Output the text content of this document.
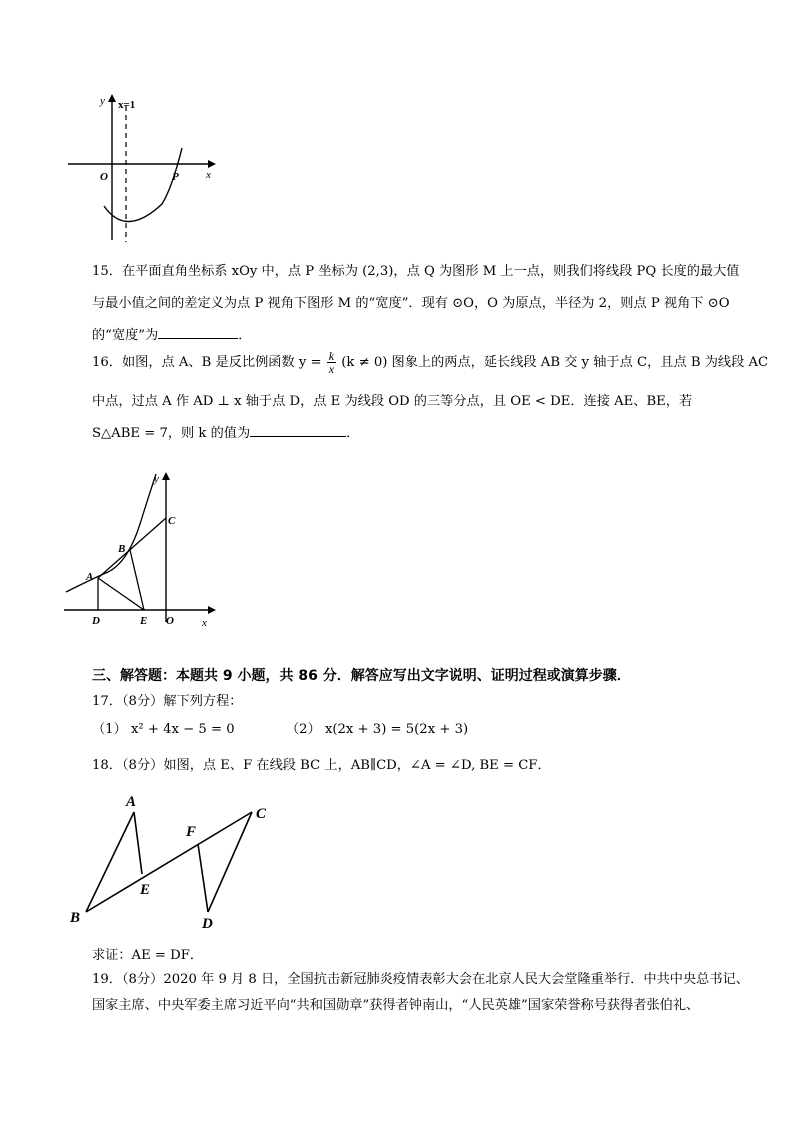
y x=1
O	P x
15．在平面直角坐标系 xOy 中，点 P 坐标为 (2,3)，点 Q 为图形 M 上一点，则我们将线段 PQ 长度的最大值
与最小值之间的差定义为点 P 视角下图形 M 的“宽度”．现有 ⊙O，O 为原点，半径为 2，则点 P 视角下 ⊙O
的“宽度”为	．
16．如图，点 A、B 是反比例函数 $y = \frac{k}{x} (k \ne 0)$ 图象上的两点，延长线段 AB 交 y 轴于点 C，且点 B 为线段 AC
中点，过点 A 作 AD ⊥ x 轴于点 D，点 E 为线段 OD 的三等分点，且 OE < DE．连接 AE、BE，若
S△ABE = 7，则 k 的值为	．
y
C
B
A
D	E O	x
三、解答题：本题共 9 小题，共 86 分．解答应写出文字说明、证明过程或演算步骤．
17．（8分）解下列方程：
（1） x² + 4x − 5 = 0	（2） x(2x + 3) = 5(2x + 3)
18．（8分）如图，点 E、F 在线段 BC 上，AB∥CD，∠A = ∠D, BE = CF．
A
F
C
E
B	D
求证：AE = DF．
19．（8分）2020 年 9 月 8 日，全国抗击新冠肺炎疫情表彰大会在北京人民大会堂隆重举行．中共中央总书记、
国家主席、中央军委主席习近平向“共和国勋章”获得者钟南山，“人民英雄”国家荣誉称号获得者张伯礼、
